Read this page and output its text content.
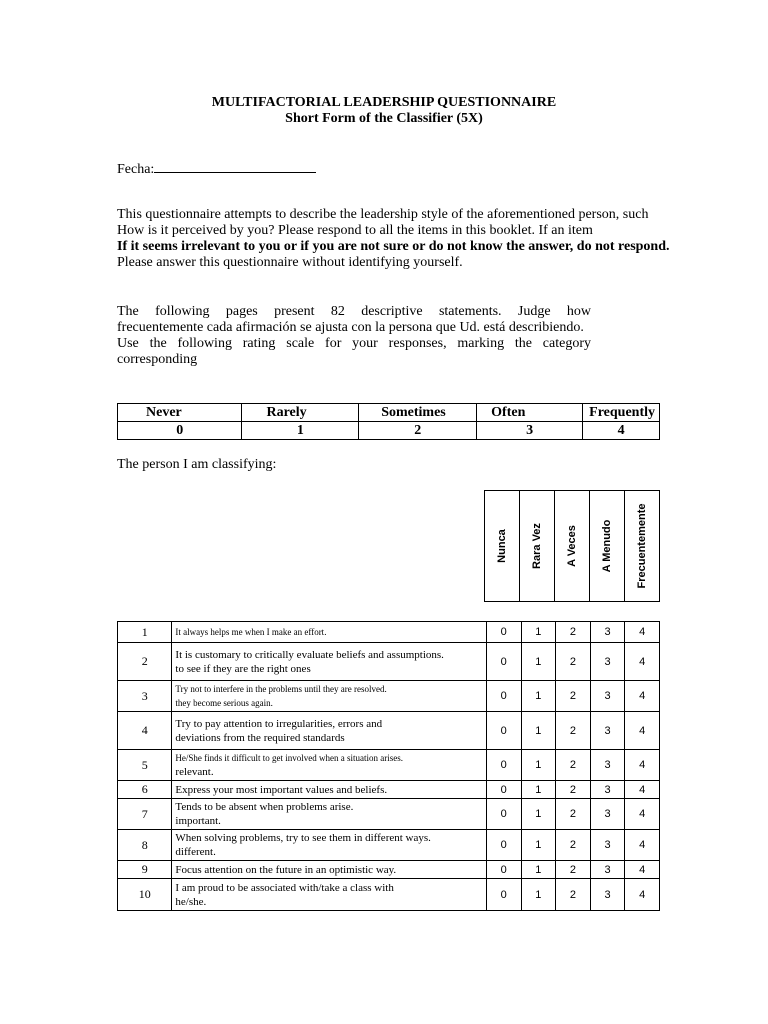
MULTIFACTORIAL LEADERSHIP QUESTIONNAIRE
Short Form of the Classifier (5X)
Fecha:
This questionnaire attempts to describe the leadership style of the aforementioned person, such
How is it perceived by you? Please respond to all the items in this booklet. If an item
If it seems irrelevant to you or if you are not sure or do not know the answer, do not respond.
Please answer this questionnaire without identifying yourself.
The following pages present 82 descriptive statements. Judge how
frecuentemente cada afirmación se ajusta con la persona que Ud. está describiendo.
Use the following rating scale for your responses, marking the category
corresponding
Never	Rarely	Sometimes	Often	Frequently
0	1	2	3	4
The person I am classifying:
Nunca Rara Vez A Veces A Menudo Frecuentemente
1	It always helps me when I make an effort.	0	1	2	3	4
2	It is customary to critically evaluate beliefs and assumptions.
to see if they are the right ones	0	1	2	3	4
3	Try not to interfere in the problems until they are resolved.
they become serious again.	0	1	2	3	4
4	Try to pay attention to irregularities, errors and
deviations from the required standards	0	1	2	3	4
5	He/She finds it difficult to get involved when a situation arises.
relevant.	0	1	2	3	4
6	Express your most important values and beliefs.	0	1	2	3	4
7	Tends to be absent when problems arise.
important.	0	1	2	3	4
8	When solving problems, try to see them in different ways.
different.	0	1	2	3	4
9	Focus attention on the future in an optimistic way.	0	1	2	3	4
10	I am proud to be associated with/take a class with
he/she.	0	1	2	3	4
